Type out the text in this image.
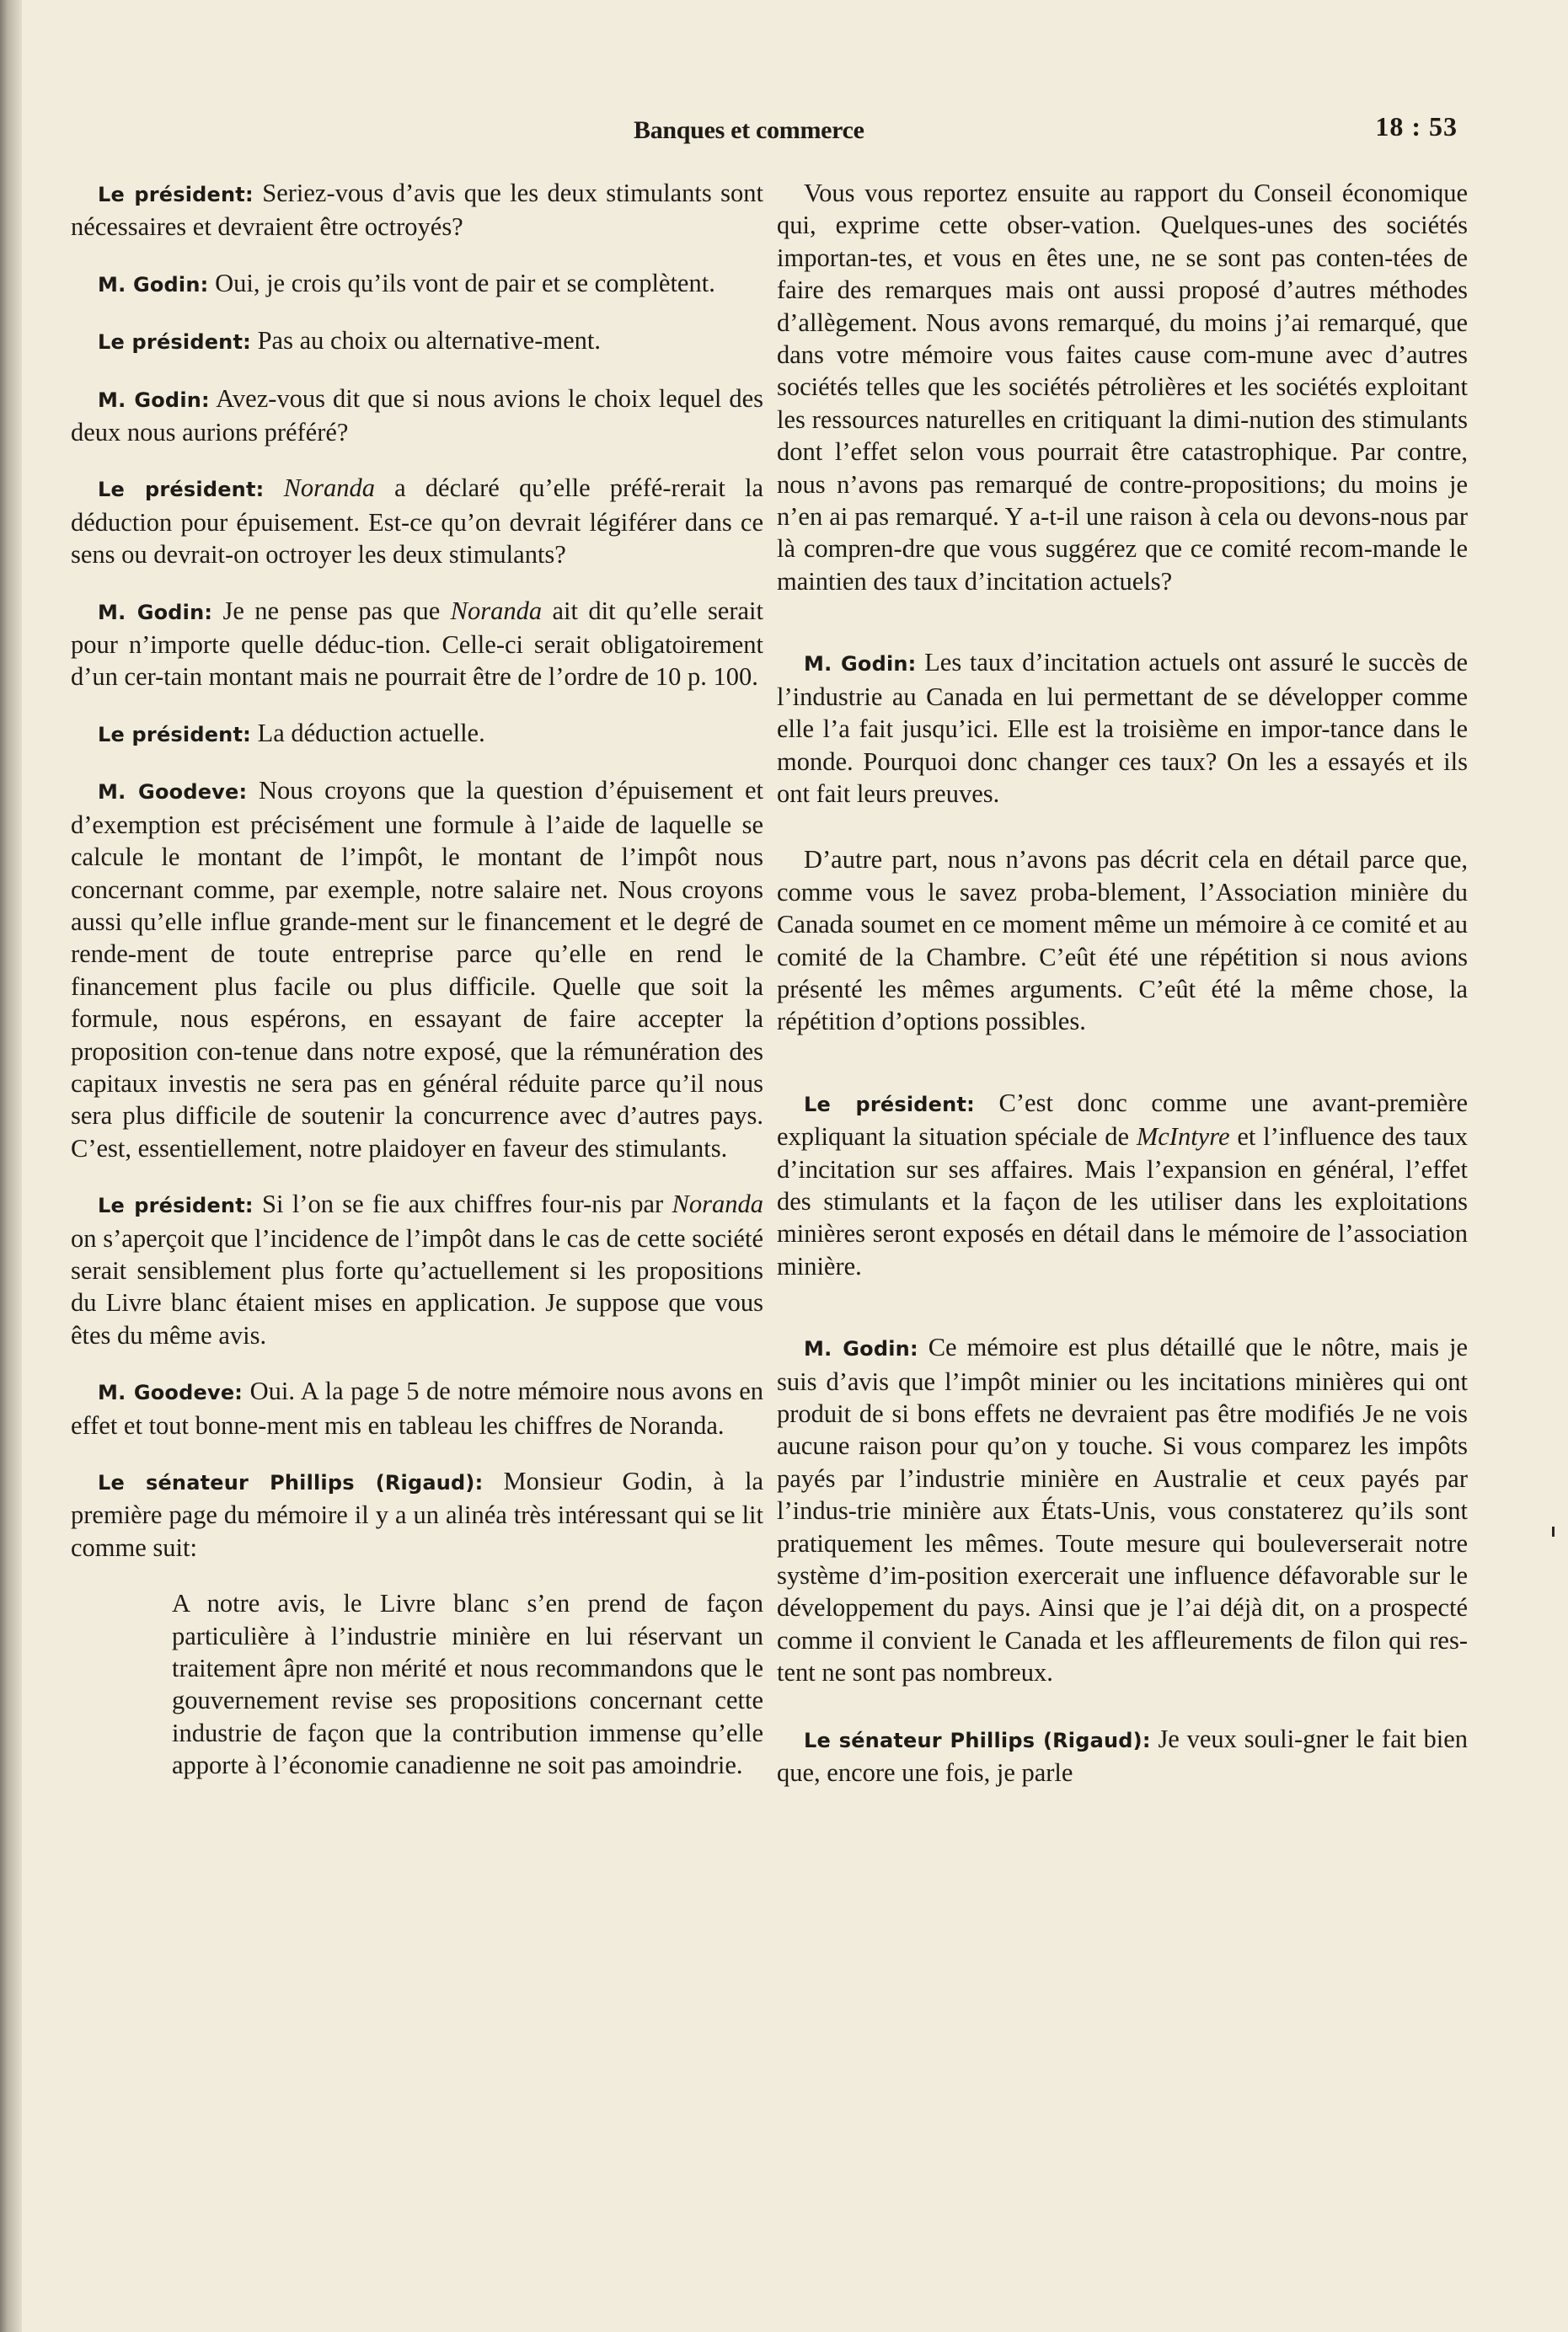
Banques et commerce	18 : 53

Le président: Seriez-vous d’avis que les deux stimulants sont nécessaires et devraient être octroyés?

M. Godin: Oui, je crois qu’ils vont de pair et se complètent.

Le président: Pas au choix ou alternative-ment.

M. Godin: Avez-vous dit que si nous avions le choix lequel des deux nous aurions préféré?

Le président: Noranda a déclaré qu’elle préfé-rerait la déduction pour épuisement. Est-ce qu’on devrait légiférer dans ce sens ou devrait-on octroyer les deux stimulants?

M. Godin: Je ne pense pas que Noranda ait dit qu’elle serait pour n’importe quelle déduc-tion. Celle-ci serait obligatoirement d’un cer-tain montant mais ne pourrait être de l’ordre de 10 p. 100.

Le président: La déduction actuelle.

M. Goodeve: Nous croyons que la question d’épuisement et d’exemption est précisément une formule à l’aide de laquelle se calcule le montant de l’impôt, le montant de l’impôt nous concernant comme, par exemple, notre salaire net. Nous croyons aussi qu’elle influe grande-ment sur le financement et le degré de rende-ment de toute entreprise parce qu’elle en rend le financement plus facile ou plus difficile. Quelle que soit la formule, nous espérons, en essayant de faire accepter la proposition con-tenue dans notre exposé, que la rémunération des capitaux investis ne sera pas en général réduite parce qu’il nous sera plus difficile de soutenir la concurrence avec d’autres pays. C’est, essentiellement, notre plaidoyer en faveur des stimulants.

Le président: Si l’on se fie aux chiffres four-nis par Noranda on s’aperçoit que l’incidence de l’impôt dans le cas de cette société serait sensiblement plus forte qu’actuellement si les propositions du Livre blanc étaient mises en application. Je suppose que vous êtes du même avis.

M. Goodeve: Oui. A la page 5 de notre mémoire nous avons en effet et tout bonne-ment mis en tableau les chiffres de Noranda.

Le sénateur Phillips (Rigaud): Monsieur Godin, à la première page du mémoire il y a un alinéa très intéressant qui se lit comme suit:

A notre avis, le Livre blanc s’en prend de façon particulière à l’industrie minière en lui réservant un traitement âpre non mérité et nous recommandons que le gouvernement revise ses propositions concernant cette industrie de façon que la contribution immense qu’elle apporte à l’économie canadienne ne soit pas amoindrie.

Vous vous reportez ensuite au rapport du Conseil économique qui, exprime cette obser-vation. Quelques-unes des sociétés importan-tes, et vous en êtes une, ne se sont pas conten-tées de faire des remarques mais ont aussi proposé d’autres méthodes d’allègement. Nous avons remarqué, du moins j’ai remarqué, que dans votre mémoire vous faites cause com-mune avec d’autres sociétés telles que les sociétés pétrolières et les sociétés exploitant les ressources naturelles en critiquant la dimi-nution des stimulants dont l’effet selon vous pourrait être catastrophique. Par contre, nous n’avons pas remarqué de contre-propositions; du moins je n’en ai pas remarqué. Y a-t-il une raison à cela ou devons-nous par là compren-dre que vous suggérez que ce comité recom-mande le maintien des taux d’incitation actuels?

M. Godin: Les taux d’incitation actuels ont assuré le succès de l’industrie au Canada en lui permettant de se développer comme elle l’a fait jusqu’ici. Elle est la troisième en impor-tance dans le monde. Pourquoi donc changer ces taux? On les a essayés et ils ont fait leurs preuves.

D’autre part, nous n’avons pas décrit cela en détail parce que, comme vous le savez proba-blement, l’Association minière du Canada soumet en ce moment même un mémoire à ce comité et au comité de la Chambre. C’eût été une répétition si nous avions présenté les mêmes arguments. C’eût été la même chose, la répétition d’options possibles.

Le président: C’est donc comme une avant-première expliquant la situation spéciale de McIntyre et l’influence des taux d’incitation sur ses affaires. Mais l’expansion en général, l’effet des stimulants et la façon de les utiliser dans les exploitations minières seront exposés en détail dans le mémoire de l’association minière.

M. Godin: Ce mémoire est plus détaillé que le nôtre, mais je suis d’avis que l’impôt minier ou les incitations minières qui ont produit de si bons effets ne devraient pas être modifiés Je ne vois aucune raison pour qu’on y touche. Si vous comparez les impôts payés par l’industrie minière en Australie et ceux payés par l’indus-trie minière aux États-Unis, vous constaterez qu’ils sont pratiquement les mêmes. Toute mesure qui bouleverserait notre système d’im-position exercerait une influence défavorable sur le développement du pays. Ainsi que je l’ai déjà dit, on a prospecté comme il convient le Canada et les affleurements de filon qui res-tent ne sont pas nombreux.

Le sénateur Phillips (Rigaud): Je veux souli-gner le fait bien que, encore une fois, je parle
